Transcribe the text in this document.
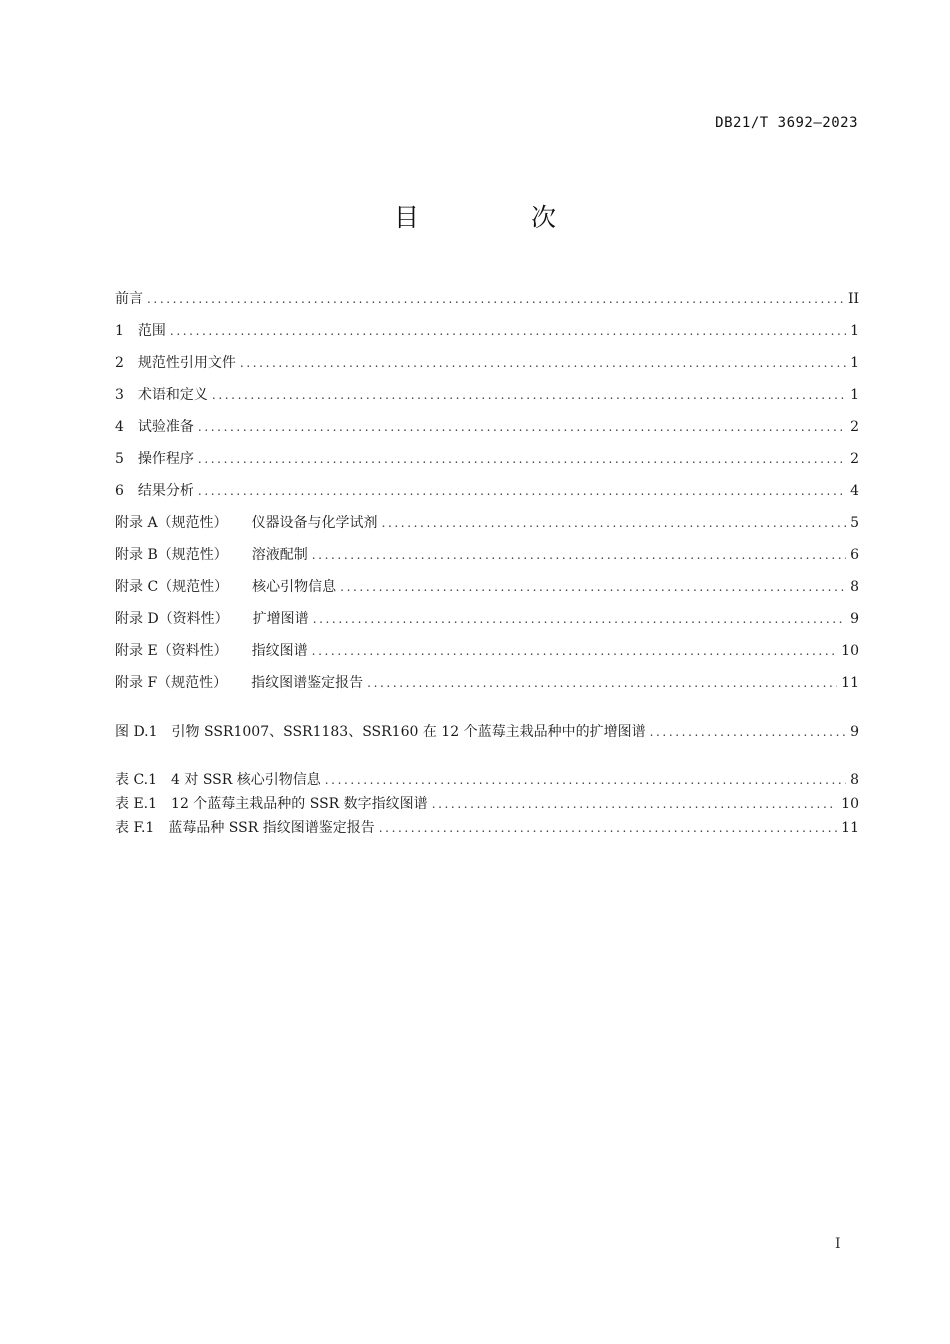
DB21/T 3692—2023
目 次
前言 .....	II
1 范围 .....	1
2 规范性引用文件 .....	1
3 术语和定义 .....	1
4 试验准备 .....	2
5 操作程序 .....	2
6 结果分析 .....	4
附录 A（规范性） 仪器设备与化学试剂 .....	5
附录 B（规范性） 溶液配制 .....	6
附录 C（规范性） 核心引物信息 .....	8
附录 D（资料性） 扩增图谱 .....	9
附录 E（资料性） 指纹图谱 .....	10
附录 F（规范性） 指纹图谱鉴定报告 .....	11
图 D.1 引物 SSR1007、SSR1183、SSR160 在 12 个蓝莓主栽品种中的扩增图谱 .....	9
表 C.1 4 对 SSR 核心引物信息 .....	8
表 E.1 12 个蓝莓主栽品种的 SSR 数字指纹图谱 .....	10
表 F.1 蓝莓品种 SSR 指纹图谱鉴定报告 .....	11
I
